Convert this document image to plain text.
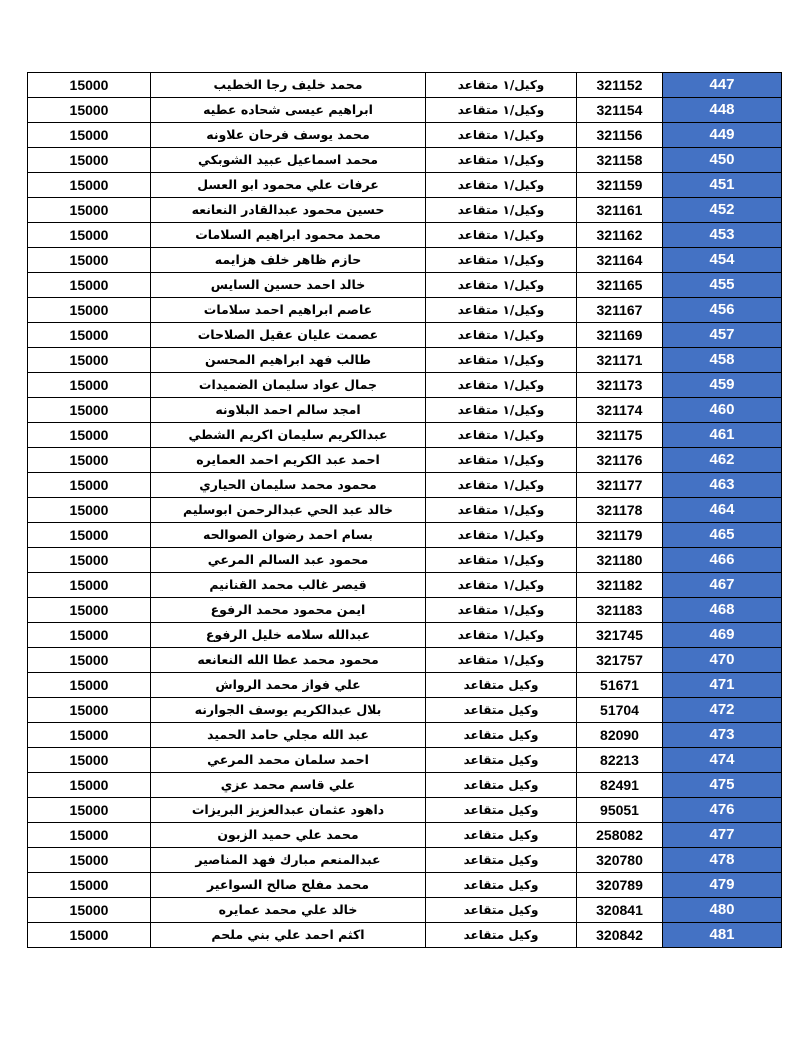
15000	محمد خليف رجا الخطيب	وكيل/١ متقاعد	321152	447
15000	ابراهيم عيسى شحاده عطيه	وكيل/١ متقاعد	321154	448
15000	محمد يوسف فرحان علاونه	وكيل/١ متقاعد	321156	449
15000	محمد اسماعيل عبيد الشوبكي	وكيل/١ متقاعد	321158	450
15000	عرفات علي محمود ابو العسل	وكيل/١ متقاعد	321159	451
15000	حسين محمود عبدالقادر النعانعه	وكيل/١ متقاعد	321161	452
15000	محمد محمود ابراهيم السلامات	وكيل/١ متقاعد	321162	453
15000	حازم ظاهر خلف هزايمه	وكيل/١ متقاعد	321164	454
15000	خالد احمد حسين السايس	وكيل/١ متقاعد	321165	455
15000	عاصم ابراهيم احمد سلامات	وكيل/١ متقاعد	321167	456
15000	عصمت عليان عقيل الصلاحات	وكيل/١ متقاعد	321169	457
15000	طالب فهد ابراهيم المحسن	وكيل/١ متقاعد	321171	458
15000	جمال عواد سليمان الضميدات	وكيل/١ متقاعد	321173	459
15000	امجد سالم احمد البلاونه	وكيل/١ متقاعد	321174	460
15000	عبدالكريم سليمان اكريم الشطي	وكيل/١ متقاعد	321175	461
15000	احمد عبد الكريم احمد العمايره	وكيل/١ متقاعد	321176	462
15000	محمود محمد سليمان الحياري	وكيل/١ متقاعد	321177	463
15000	خالد عبد الحي عبدالرحمن ابوسليم	وكيل/١ متقاعد	321178	464
15000	بسام احمد رضوان الصوالحه	وكيل/١ متقاعد	321179	465
15000	محمود عبد السالم المرعي	وكيل/١ متقاعد	321180	466
15000	قيصر غالب محمد القنانيم	وكيل/١ متقاعد	321182	467
15000	ايمن محمود محمد الرفوع	وكيل/١ متقاعد	321183	468
15000	عبدالله سلامه خليل الرفوع	وكيل/١ متقاعد	321745	469
15000	محمود محمد عطا الله النعانعه	وكيل/١ متقاعد	321757	470
15000	علي فواز محمد الرواش	وكيل متقاعد	51671	471
15000	بلال عبدالكريم يوسف الجوارنه	وكيل متقاعد	51704	472
15000	عبد الله مجلي حامد الحميد	وكيل متقاعد	82090	473
15000	احمد سلمان محمد المرعي	وكيل متقاعد	82213	474
15000	علي قاسم محمد عزي	وكيل متقاعد	82491	475
15000	داهود عثمان عبدالعزيز البريزات	وكيل متقاعد	95051	476
15000	محمد علي حميد الزبون	وكيل متقاعد	258082	477
15000	عبدالمنعم مبارك فهد المناصير	وكيل متقاعد	320780	478
15000	محمد مفلح صالح السواعير	وكيل متقاعد	320789	479
15000	خالد علي محمد عمايره	وكيل متقاعد	320841	480
15000	اكثم احمد علي بني ملحم	وكيل متقاعد	320842	481
